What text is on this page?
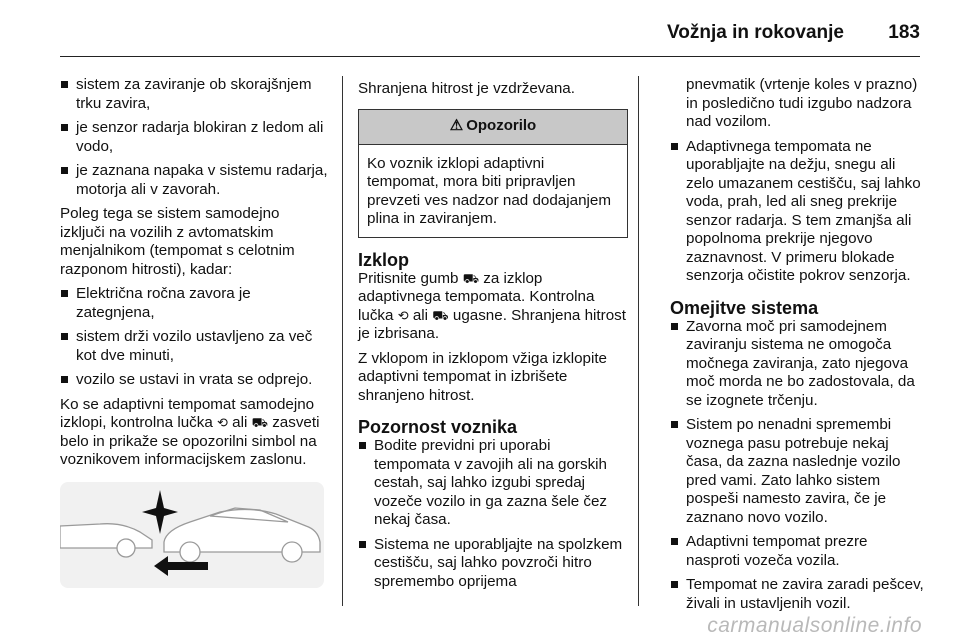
Vožnja in rokovanje 183
sistem za zaviranje ob skorajšnjem trku zavira,
je senzor radarja blokiran z ledom ali vodo,
je zaznana napaka v sistemu radarja, motorja ali v zavorah.
Poleg tega se sistem samodejno izključi na vozilih z avtomatskim menjalnikom (tempomat s celotnim razponom hitrosti), kadar:
Električna ročna zavora je zategnjena,
sistem drži vozilo ustavljeno za več kot dve minuti,
vozilo se ustavi in vrata se odprejo.
Ko se adaptivni tempomat samodejno izklopi, kontrolna lučka ⟲ ali ⛟ zasveti belo in prikaže se opozorilni simbol na voznikovem informacijskem zaslonu.
Shranjena hitrost je vzdrževana.
⚠ Opozorilo
Ko voznik izklopi adaptivni tempomat, mora biti pripravljen prevzeti ves nadzor nad dodajanjem plina in zaviranjem.
Izklop
Pritisnite gumb ⛟ za izklop adaptivnega tempomata. Kontrolna lučka ⟲ ali ⛟ ugasne. Shranjena hitrost je izbrisana.
Z vklopom in izklopom vžiga izklopite adaptivni tempomat in izbrišete shranjeno hitrost.
Pozornost voznika
Bodite previdni pri uporabi tempomata v zavojih ali na gorskih cestah, saj lahko izgubi spredaj vozeče vozilo in ga zazna šele čez nekaj časa.
Sistema ne uporabljajte na spolzkem cestišču, saj lahko povzroči hitro spremembo oprijema
pnevmatik (vrtenje koles v prazno) in posledično tudi izgubo nadzora nad vozilom.
Adaptivnega tempomata ne uporabljajte na dežju, snegu ali zelo umazanem cestišču, saj lahko voda, prah, led ali sneg prekrije senzor radarja. S tem zmanjša ali popolnoma prekrije njegovo zaznavnost. V primeru blokade senzorja očistite pokrov senzorja.
Omejitve sistema
Zavorna moč pri samodejnem zaviranju sistema ne omogoča močnega zaviranja, zato njegova moč morda ne bo zadostovala, da se izognete trčenju.
Sistem po nenadni spremembi voznega pasu potrebuje nekaj časa, da zazna naslednje vozilo pred vami. Zato lahko sistem pospeši namesto zavira, če je zaznano novo vozilo.
Adaptivni tempomat prezre nasproti vozeča vozila.
Tempomat ne zavira zaradi pešcev, živali in ustavljenih vozil.
carmanualsonline.info
